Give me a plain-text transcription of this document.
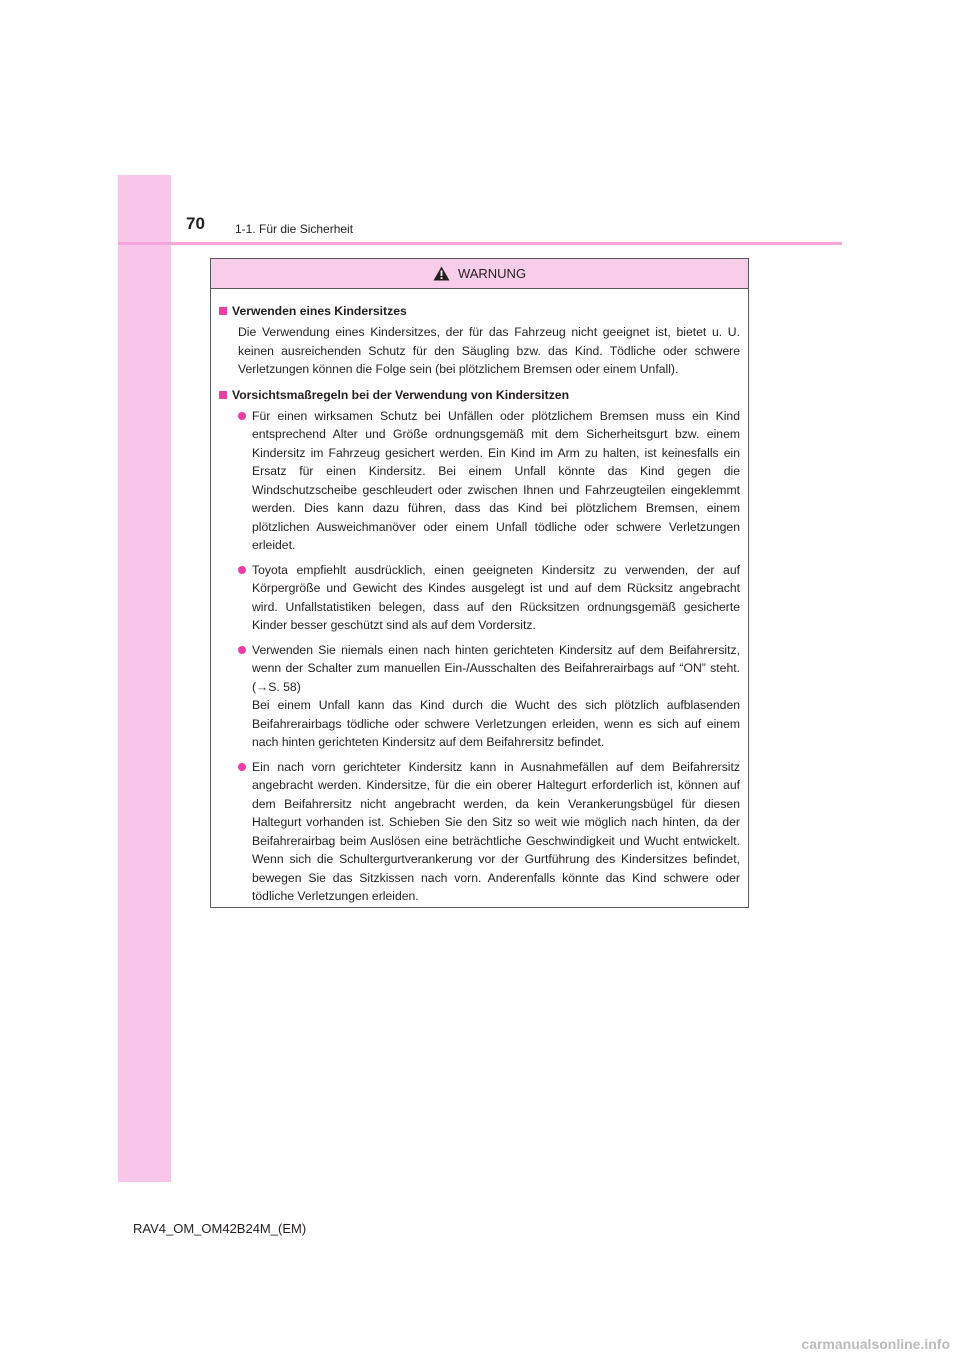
70	1-1. Für die Sicherheit
WARNUNG
Verwenden eines Kindersitzes
Die Verwendung eines Kindersitzes, der für das Fahrzeug nicht geeignet ist, bietet u. U. keinen ausreichenden Schutz für den Säugling bzw. das Kind. Tödliche oder schwere Verletzungen können die Folge sein (bei plötzlichem Bremsen oder einem Unfall).
Vorsichtsmaßregeln bei der Verwendung von Kindersitzen
Für einen wirksamen Schutz bei Unfällen oder plötzlichem Bremsen muss ein Kind entsprechend Alter und Größe ordnungsgemäß mit dem Sicherheitsgurt bzw. einem Kindersitz im Fahrzeug gesichert werden. Ein Kind im Arm zu halten, ist keinesfalls ein Ersatz für einen Kindersitz. Bei einem Unfall könnte das Kind gegen die Windschutzscheibe geschleudert oder zwischen Ihnen und Fahrzeugteilen eingeklemmt werden. Dies kann dazu führen, dass das Kind bei plötzlichem Bremsen, einem plötzlichen Ausweichmanöver oder einem Unfall tödliche oder schwere Verletzungen erleidet.
Toyota empfiehlt ausdrücklich, einen geeigneten Kindersitz zu verwenden, der auf Körpergröße und Gewicht des Kindes ausgelegt ist und auf dem Rücksitz angebracht wird. Unfallstatistiken belegen, dass auf den Rücksitzen ordnungsgemäß gesicherte Kinder besser geschützt sind als auf dem Vordersitz.
Verwenden Sie niemals einen nach hinten gerichteten Kindersitz auf dem Beifahrersitz, wenn der Schalter zum manuellen Ein-/Ausschalten des Beifahrerairbags auf “ON” steht. (→S. 58)
Bei einem Unfall kann das Kind durch die Wucht des sich plötzlich aufblasenden Beifahrerairbags tödliche oder schwere Verletzungen erleiden, wenn es sich auf einem nach hinten gerichteten Kindersitz auf dem Beifahrersitz befindet.
Ein nach vorn gerichteter Kindersitz kann in Ausnahmefällen auf dem Beifahrersitz angebracht werden. Kindersitze, für die ein oberer Haltegurt erforderlich ist, können auf dem Beifahrersitz nicht angebracht werden, da kein Verankerungsbügel für diesen Haltegurt vorhanden ist. Schieben Sie den Sitz so weit wie möglich nach hinten, da der Beifahrerairbag beim Auslösen eine beträchtliche Geschwindigkeit und Wucht entwickelt. Wenn sich die Schultergurtverankerung vor der Gurtführung des Kindersitzes befindet, bewegen Sie das Sitzkissen nach vorn. Anderenfalls könnte das Kind schwere oder tödliche Verletzungen erleiden.
RAV4_OM_OM42B24M_(EM)
carmanualsonline.info
